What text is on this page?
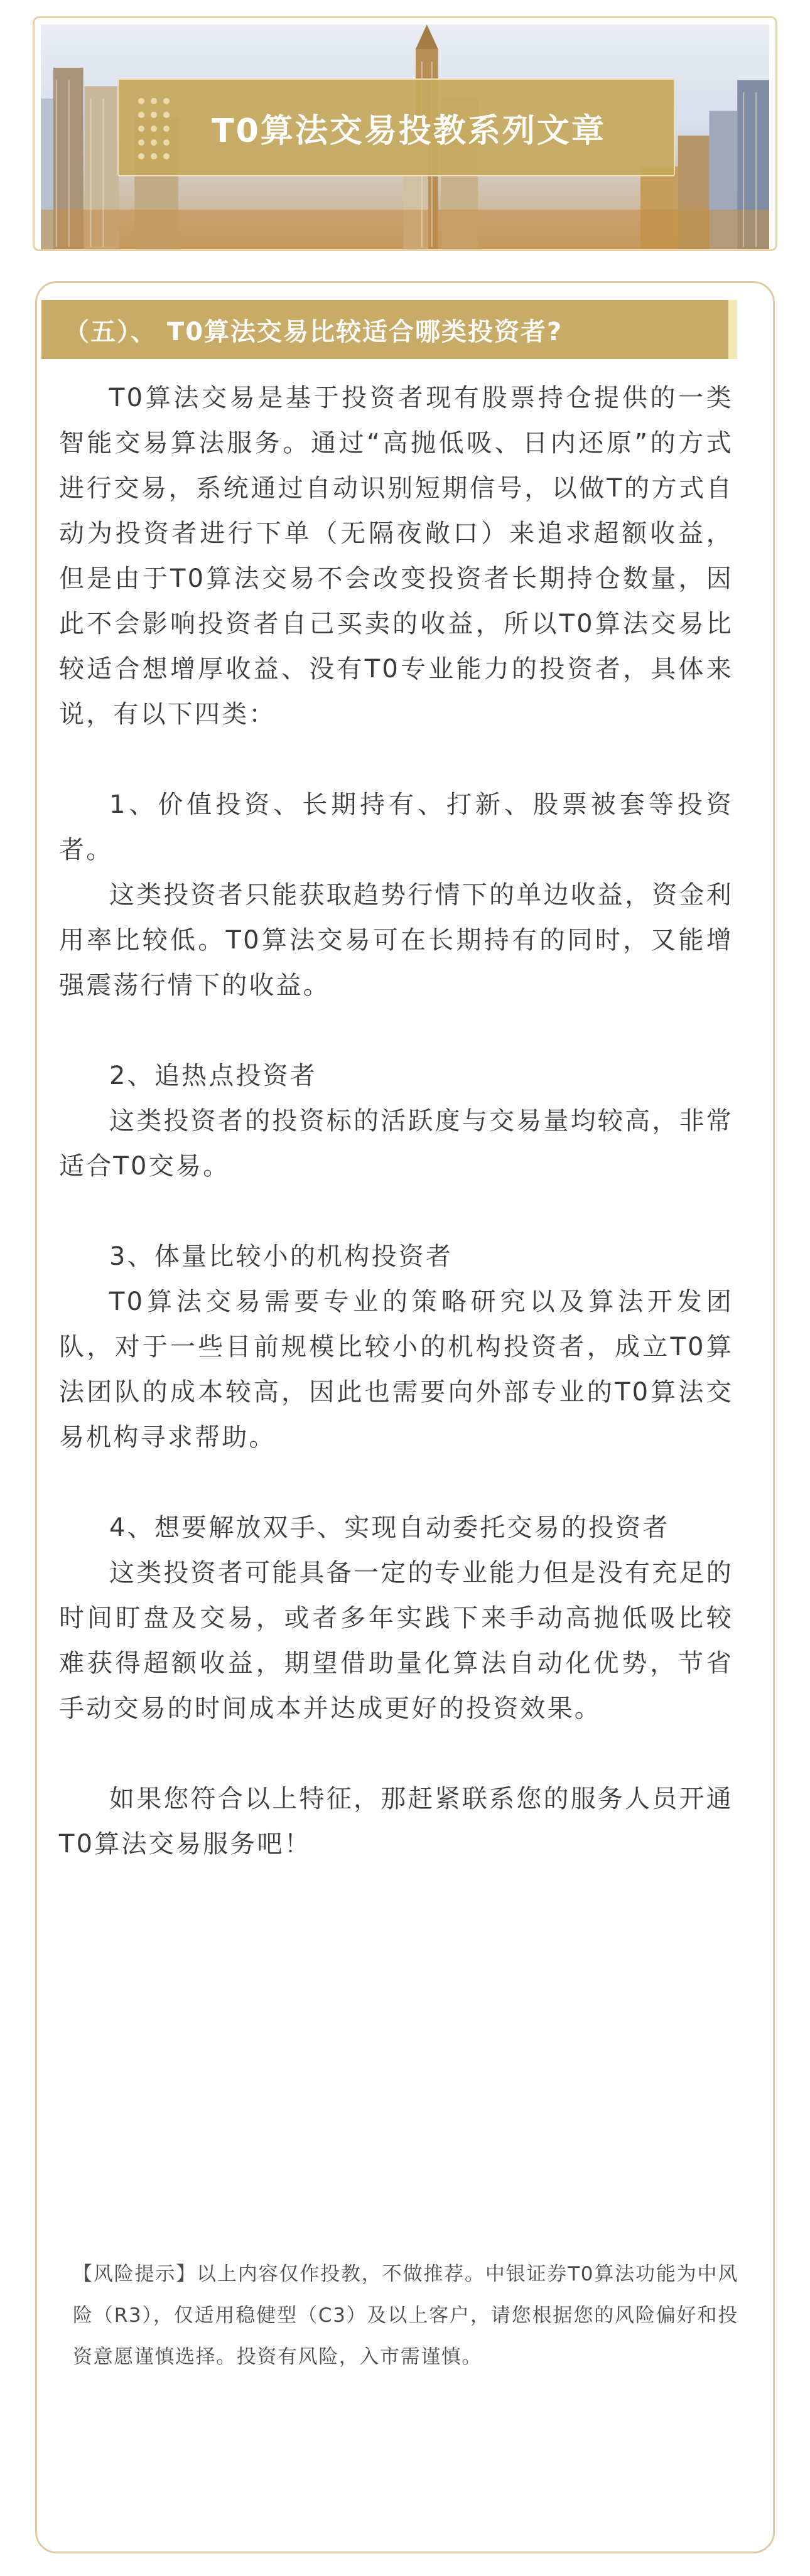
T0算法交易投教系列文章
（五）、 T0算法交易比较适合哪类投资者?

T0算法交易是基于投资者现有股票持仓提供的一类智能交易算法服务。通过“高抛低吸、日内还原”的方式进行交易，系统通过自动识别短期信号，以做T的方式自动为投资者进行下单（无隔夜敞口）来追求超额收益，但是由于T0算法交易不会改变投资者长期持仓数量，因此不会影响投资者自己买卖的收益，所以T0算法交易比较适合想增厚收益、没有T0专业能力的投资者，具体来说，有以下四类：

1、价值投资、长期持有、打新、股票被套等投资者。

这类投资者只能获取趋势行情下的单边收益，资金利用率比较低。T0算法交易可在长期持有的同时，又能增强震荡行情下的收益。

2、追热点投资者

这类投资者的投资标的活跃度与交易量均较高，非常适合T0交易。

3、体量比较小的机构投资者

T0算法交易需要专业的策略研究以及算法开发团队，对于一些目前规模比较小的机构投资者，成立T0算法团队的成本较高，因此也需要向外部专业的T0算法交易机构寻求帮助。

4、想要解放双手、实现自动委托交易的投资者

这类投资者可能具备一定的专业能力但是没有充足的时间盯盘及交易，或者多年实践下来手动高抛低吸比较难获得超额收益，期望借助量化算法自动化优势，节省手动交易的时间成本并达成更好的投资效果。

如果您符合以上特征，那赶紧联系您的服务人员开通T0算法交易服务吧！

【风险提示】以上内容仅作投教，不做推荐。中银证券T0算法功能为中风险（R3），仅适用稳健型（C3）及以上客户，请您根据您的风险偏好和投资意愿谨慎选择。投资有风险，入市需谨慎。
